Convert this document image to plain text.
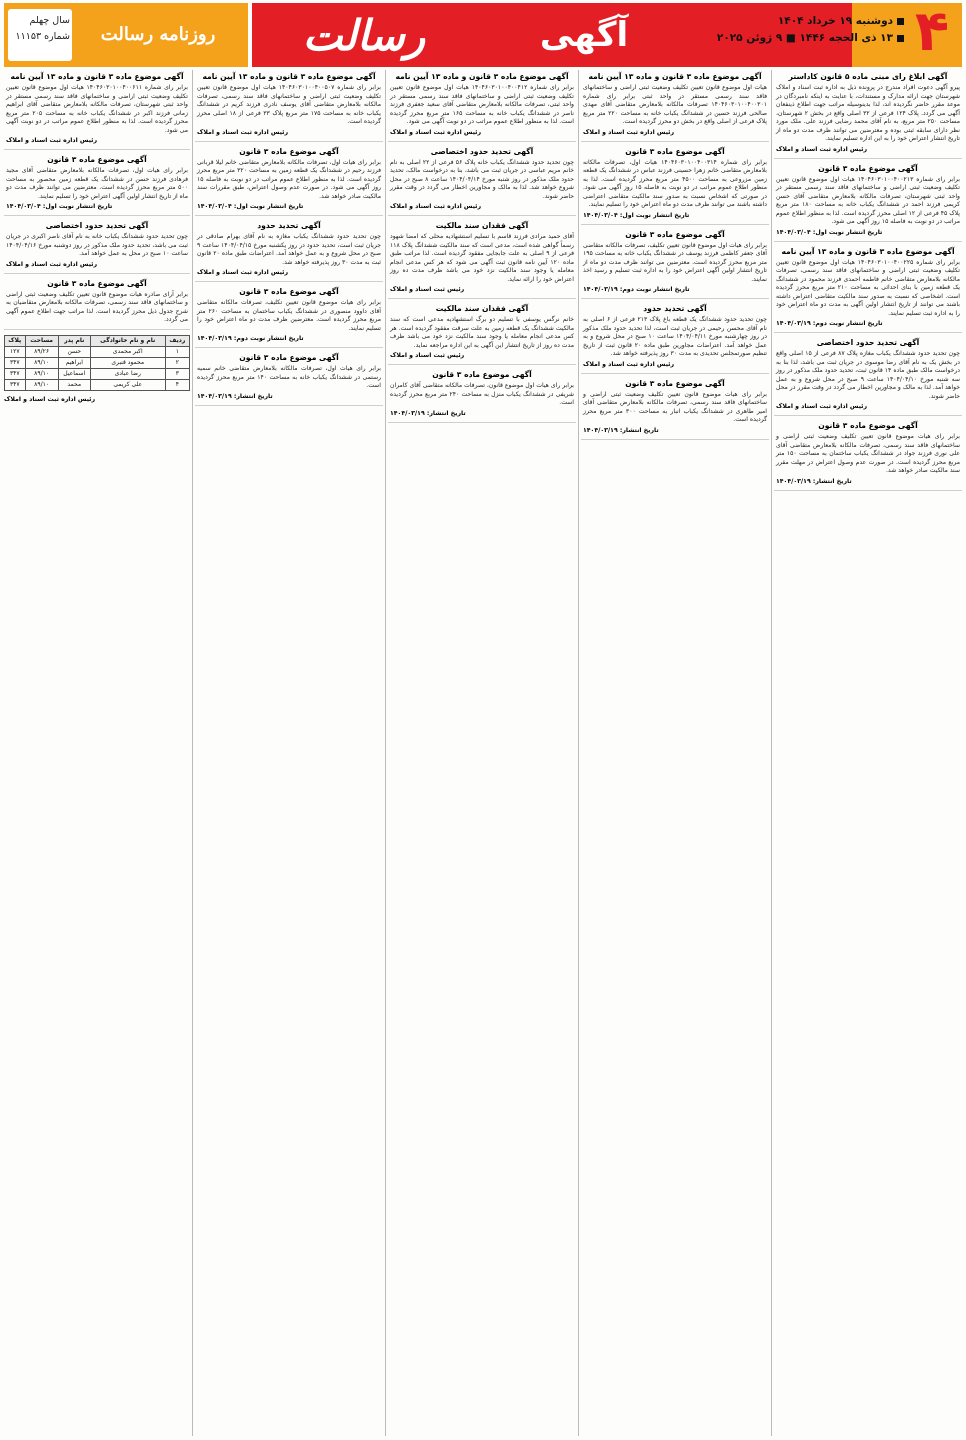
سال چهلم
شماره ۱۱۱۵۳	روزنامه رسالت	رسالت	آگهی	۴
دوشنبه ۱۹ خرداد ۱۴۰۴
۱۳ ذی الحجه ۱۴۴۶ ■ ۹ ژوئن ۲۰۲۵
آگهی ابلاغ رای مبنی ماده ۵ قانون کاداستر

پیرو آگهی دعوت افراد مندرج در پرونده ذیل به اداره ثبت اسناد و املاک شهرستان جهت ارائه مدارک و مستندات، با عنایت به اینکه نامبردگان در موعد مقرر حاضر نگردیده اند، لذا بدینوسیله مراتب جهت اطلاع ذینفعان آگهی می گردد. پلاک ۱۲۴ فرعی از ۳۲ اصلی واقع در بخش ۲ شهرستان، مساحت ۲۵۰ متر مربع، به نام آقای محمد رضایی فرزند علی. ملک مورد نظر دارای سابقه ثبتی بوده و معترضین می توانند ظرف مدت دو ماه از تاریخ انتشار اعتراض خود را به این اداره تسلیم نمایند.

رئیس اداره ثبت اسناد و املاک
آگهی موضوع ماده ۳ قانون

برابر رای شماره ۱۴۰۴۶۰۳۰۱۰۰۴۰۰۲۱۳ هیات اول موضوع قانون تعیین تکلیف وضعیت ثبتی اراضی و ساختمانهای فاقد سند رسمی مستقر در واحد ثبتی شهرستان، تصرفات مالکانه بلامعارض متقاضی آقای حسن کریمی فرزند احمد در ششدانگ یکباب خانه به مساحت ۱۸۰ متر مربع پلاک ۴۵ فرعی از ۱۲ اصلی محرز گردیده است. لذا به منظور اطلاع عموم مراتب در دو نوبت به فاصله ۱۵ روز آگهی می شود.

تاریخ انتشار نوبت اول: ۱۴۰۴/۰۳/۰۴
آگهی موضوع ماده ۳ قانون و ماده ۱۳ آیین نامه

برابر رای شماره ۱۴۰۴۶۰۳۰۱۰۰۴۰۰۲۲۵ هیات اول موضوع قانون تعیین تکلیف وضعیت ثبتی اراضی و ساختمانهای فاقد سند رسمی، تصرفات مالکانه بلامعارض متقاضی خانم فاطمه احمدی فرزند محمود در ششدانگ یک قطعه زمین با بنای احداثی به مساحت ۲۱۰ متر مربع محرز گردیده است. اشخاصی که نسبت به صدور سند مالکیت متقاضی اعتراض داشته باشند می توانند از تاریخ انتشار اولین آگهی به مدت دو ماه اعتراض خود را به اداره ثبت تسلیم نمایند.

تاریخ انتشار نوبت دوم: ۱۴۰۴/۰۳/۱۹
آگهی تحدید حدود اختصاصی

چون تحدید حدود ششدانگ یکباب مغازه پلاک ۸۷ فرعی از ۱۵ اصلی واقع در بخش یک به نام آقای رضا موسوی در جریان ثبت می باشد، لذا بنا به درخواست مالک طبق ماده ۱۴ قانون ثبت، تحدید حدود ملک مذکور در روز سه شنبه مورخ ۱۴۰۴/۰۴/۱۰ ساعت ۹ صبح در محل شروع و به عمل خواهد آمد. لذا به مالک و مجاورین اخطار می گردد در وقت مقرر در محل حاضر شوند.

رئیس اداره ثبت اسناد و املاک
آگهی موضوع ماده ۳ قانون

برابر رای هیات موضوع قانون تعیین تکلیف وضعیت ثبتی اراضی و ساختمانهای فاقد سند رسمی، تصرفات مالکانه بلامعارض متقاضی آقای علی نوری فرزند جواد در ششدانگ یکباب ساختمان به مساحت ۱۵۰ متر مربع محرز گردیده است. در صورت عدم وصول اعتراض در مهلت مقرر سند مالکیت صادر خواهد شد.

تاریخ انتشار: ۱۴۰۴/۰۳/۱۹
آگهی موضوع ماده ۳ قانون و ماده ۱۳ آیین نامه

هیات اول موضوع قانون تعیین تکلیف وضعیت ثبتی اراضی و ساختمانهای فاقد سند رسمی مستقر در واحد ثبتی برابر رای شماره ۱۴۰۴۶۰۳۰۱۰۰۴۰۰۳۰۱ تصرفات مالکانه بلامعارض متقاضی آقای مهدی صالحی فرزند حسین در ششدانگ یکباب خانه به مساحت ۲۲۰ متر مربع پلاک فرعی از اصلی واقع در بخش دو محرز گردیده است.

رئیس اداره ثبت اسناد و املاک
آگهی موضوع ماده ۳ قانون

برابر رای شماره ۱۴۰۴۶۰۳۰۱۰۰۴۰۰۳۱۴ هیات اول، تصرفات مالکانه بلامعارض متقاضی خانم زهرا حسینی فرزند عباس در ششدانگ یک قطعه زمین مزروعی به مساحت ۴۵۰۰ متر مربع محرز گردیده است. لذا به منظور اطلاع عموم مراتب در دو نوبت به فاصله ۱۵ روز آگهی می شود. در صورتی که اشخاص نسبت به صدور سند مالکیت متقاضی اعتراضی داشته باشند می توانند ظرف مدت دو ماه اعتراض خود را تسلیم نمایند.

تاریخ انتشار نوبت اول: ۱۴۰۴/۰۳/۰۴
آگهی موضوع ماده ۳ قانون

برابر رای هیات اول موضوع قانون تعیین تکلیف، تصرفات مالکانه متقاضی آقای جعفر کاظمی فرزند یوسف در ششدانگ یکباب خانه به مساحت ۱۹۵ متر مربع محرز گردیده است. معترضین می توانند ظرف مدت دو ماه از تاریخ انتشار اولین آگهی اعتراض خود را به اداره ثبت تسلیم و رسید اخذ نمایند.

تاریخ انتشار نوبت دوم: ۱۴۰۴/۰۳/۱۹
آگهی تحدید حدود

چون تحدید حدود ششدانگ یک قطعه باغ پلاک ۲۱۳ فرعی از ۶ اصلی به نام آقای محسن رحیمی در جریان ثبت است، لذا تحدید حدود ملک مذکور در روز چهارشنبه مورخ ۱۴۰۴/۰۴/۱۱ ساعت ۱۰ صبح در محل شروع و به عمل خواهد آمد. اعتراضات مجاورین طبق ماده ۲۰ قانون ثبت از تاریخ تنظیم صورتمجلس تحدیدی به مدت ۳۰ روز پذیرفته خواهد شد.

رئیس اداره ثبت اسناد و املاک
آگهی موضوع ماده ۳ قانون

برابر رای هیات موضوع قانون تعیین تکلیف وضعیت ثبتی اراضی و ساختمانهای فاقد سند رسمی، تصرفات مالکانه بلامعارض متقاضی آقای امیر طاهری در ششدانگ یکباب انبار به مساحت ۳۰۰ متر مربع محرز گردیده است.

تاریخ انتشار: ۱۴۰۴/۰۳/۱۹
آگهی موضوع ماده ۳ قانون و ماده ۱۳ آیین نامه

برابر رای شماره ۱۴۰۴۶۰۳۰۱۰۰۴۰۰۴۱۲ هیات اول موضوع قانون تعیین تکلیف وضعیت ثبتی اراضی و ساختمانهای فاقد سند رسمی مستقر در واحد ثبتی، تصرفات مالکانه بلامعارض متقاضی آقای سعید جعفری فرزند ناصر در ششدانگ یکباب خانه به مساحت ۱۶۵ متر مربع محرز گردیده است. لذا به منظور اطلاع عموم مراتب در دو نوبت آگهی می شود.

رئیس اداره ثبت اسناد و املاک
آگهی تحدید حدود اختصاصی

چون تحدید حدود ششدانگ یکباب خانه پلاک ۵۶ فرعی از ۲۲ اصلی به نام خانم مریم عباسی در جریان ثبت می باشد، بنا به درخواست مالک، تحدید حدود ملک مذکور در روز شنبه مورخ ۱۴۰۴/۰۴/۱۴ ساعت ۸ صبح در محل شروع خواهد شد. لذا به مالک و مجاورین اخطار می گردد در وقت مقرر حاضر شوند.

رئیس اداره ثبت اسناد و املاک
آگهی فقدان سند مالکیت

آقای حمید مرادی فرزند قاسم با تسلیم استشهادیه محلی که امضا شهود رسماً گواهی شده است، مدعی است که سند مالکیت ششدانگ پلاک ۱۱۸ فرعی از ۹ اصلی به علت جابجایی مفقود گردیده است. لذا مراتب طبق ماده ۱۲۰ آیین نامه قانون ثبت آگهی می شود که هر کس مدعی انجام معامله یا وجود سند مالکیت نزد خود می باشد ظرف مدت ده روز اعتراض خود را ارائه نماید.

رئیس ثبت اسناد و املاک
آگهی فقدان سند مالکیت

خانم نرگس یوسفی با تسلیم دو برگ استشهادیه مدعی است که سند مالکیت ششدانگ یک قطعه زمین به علت سرقت مفقود گردیده است. هر کس مدعی انجام معامله یا وجود سند مالکیت نزد خود می باشد ظرف مدت ده روز از تاریخ انتشار این آگهی به این اداره مراجعه نماید.

رئیس ثبت اسناد و املاک
آگهی موضوع ماده ۳ قانون

برابر رای هیات اول موضوع قانون، تصرفات مالکانه متقاضی آقای کامران شریفی در ششدانگ یکباب منزل به مساحت ۲۴۰ متر مربع محرز گردیده است.

تاریخ انتشار: ۱۴۰۴/۰۳/۱۹
آگهی موضوع ماده ۳ قانون و ماده ۱۳ آیین نامه

برابر رای شماره ۱۴۰۴۶۰۳۰۱۰۰۴۰۰۵۰۷ هیات اول موضوع قانون تعیین تکلیف وضعیت ثبتی اراضی و ساختمانهای فاقد سند رسمی، تصرفات مالکانه بلامعارض متقاضی آقای یوسف نادری فرزند کریم در ششدانگ یکباب خانه به مساحت ۱۷۵ متر مربع پلاک ۳۳ فرعی از ۱۸ اصلی محرز گردیده است.

رئیس اداره ثبت اسناد و املاک
آگهی موضوع ماده ۳ قانون

برابر رای هیات اول، تصرفات مالکانه بلامعارض متقاضی خانم لیلا قربانی فرزند رحیم در ششدانگ یک قطعه زمین به مساحت ۳۲۰ متر مربع محرز گردیده است. لذا به منظور اطلاع عموم مراتب در دو نوبت به فاصله ۱۵ روز آگهی می شود. در صورت عدم وصول اعتراض، طبق مقررات سند مالکیت صادر خواهد شد.

تاریخ انتشار نوبت اول: ۱۴۰۴/۰۳/۰۴
آگهی تحدید حدود

چون تحدید حدود ششدانگ یکباب مغازه به نام آقای بهرام صادقی در جریان ثبت است، تحدید حدود در روز یکشنبه مورخ ۱۴۰۴/۰۴/۱۵ ساعت ۹ صبح در محل شروع و به عمل خواهد آمد. اعتراضات طبق ماده ۲۰ قانون ثبت به مدت ۳۰ روز پذیرفته خواهد شد.

رئیس اداره ثبت اسناد و املاک
آگهی موضوع ماده ۳ قانون

برابر رای هیات موضوع قانون تعیین تکلیف، تصرفات مالکانه متقاضی آقای داوود منصوری در ششدانگ یکباب ساختمان به مساحت ۲۶۰ متر مربع محرز گردیده است. معترضین ظرف مدت دو ماه اعتراض خود را تسلیم نمایند.

تاریخ انتشار نوبت دوم: ۱۴۰۴/۰۳/۱۹
آگهی موضوع ماده ۳ قانون

برابر رای هیات اول، تصرفات مالکانه بلامعارض متقاضی خانم سمیه رستمی در ششدانگ یکباب خانه به مساحت ۱۴۰ متر مربع محرز گردیده است.

تاریخ انتشار: ۱۴۰۴/۰۳/۱۹
آگهی موضوع ماده ۳ قانون و ماده ۱۳ آیین نامه

برابر رای شماره ۱۴۰۴۶۰۳۰۱۰۰۴۰۰۶۱۱ هیات اول موضوع قانون تعیین تکلیف وضعیت ثبتی اراضی و ساختمانهای فاقد سند رسمی مستقر در واحد ثبتی شهرستان، تصرفات مالکانه بلامعارض متقاضی آقای ابراهیم زمانی فرزند اکبر در ششدانگ یکباب خانه به مساحت ۲۰۵ متر مربع محرز گردیده است. لذا به منظور اطلاع عموم مراتب در دو نوبت آگهی می شود.

رئیس اداره ثبت اسناد و املاک
آگهی موضوع ماده ۳ قانون

برابر رای هیات اول، تصرفات مالکانه بلامعارض متقاضی آقای مجید فرهادی فرزند حسن در ششدانگ یک قطعه زمین محصور به مساحت ۵۰۰ متر مربع محرز گردیده است. معترضین می توانند ظرف مدت دو ماه از تاریخ انتشار اولین آگهی اعتراض خود را تسلیم نمایند.

تاریخ انتشار نوبت اول: ۱۴۰۴/۰۳/۰۴
آگهی تحدید حدود اختصاصی

چون تحدید حدود ششدانگ یکباب خانه به نام آقای ناصر اکبری در جریان ثبت می باشد، تحدید حدود ملک مذکور در روز دوشنبه مورخ ۱۴۰۴/۰۴/۱۶ ساعت ۱۰ صبح در محل به عمل خواهد آمد.

رئیس اداره ثبت اسناد و املاک
آگهی موضوع ماده ۳ قانون

برابر آرای صادره هیات موضوع قانون تعیین تکلیف وضعیت ثبتی اراضی و ساختمانهای فاقد سند رسمی، تصرفات مالکانه بلامعارض متقاضیان به شرح جدول ذیل محرز گردیده است. لذا مراتب جهت اطلاع عموم آگهی می گردد.

ردیف	نام و نام خانوادگی	نام پدر	مساحت	پلاک
۱	اکبر محمدی	حسن	۸۹/۲۶	۱۲۷
۲	محمود قنبری	ابراهیم	۸۹/۱۰	۳۴۷
۳	رضا عبادی	اسماعیل	۸۹/۱۰	۳۴۷
۴	علی کریمی	محمد	۸۹/۱۰	۳۴۷
رئیس اداره ثبت اسناد و املاک
